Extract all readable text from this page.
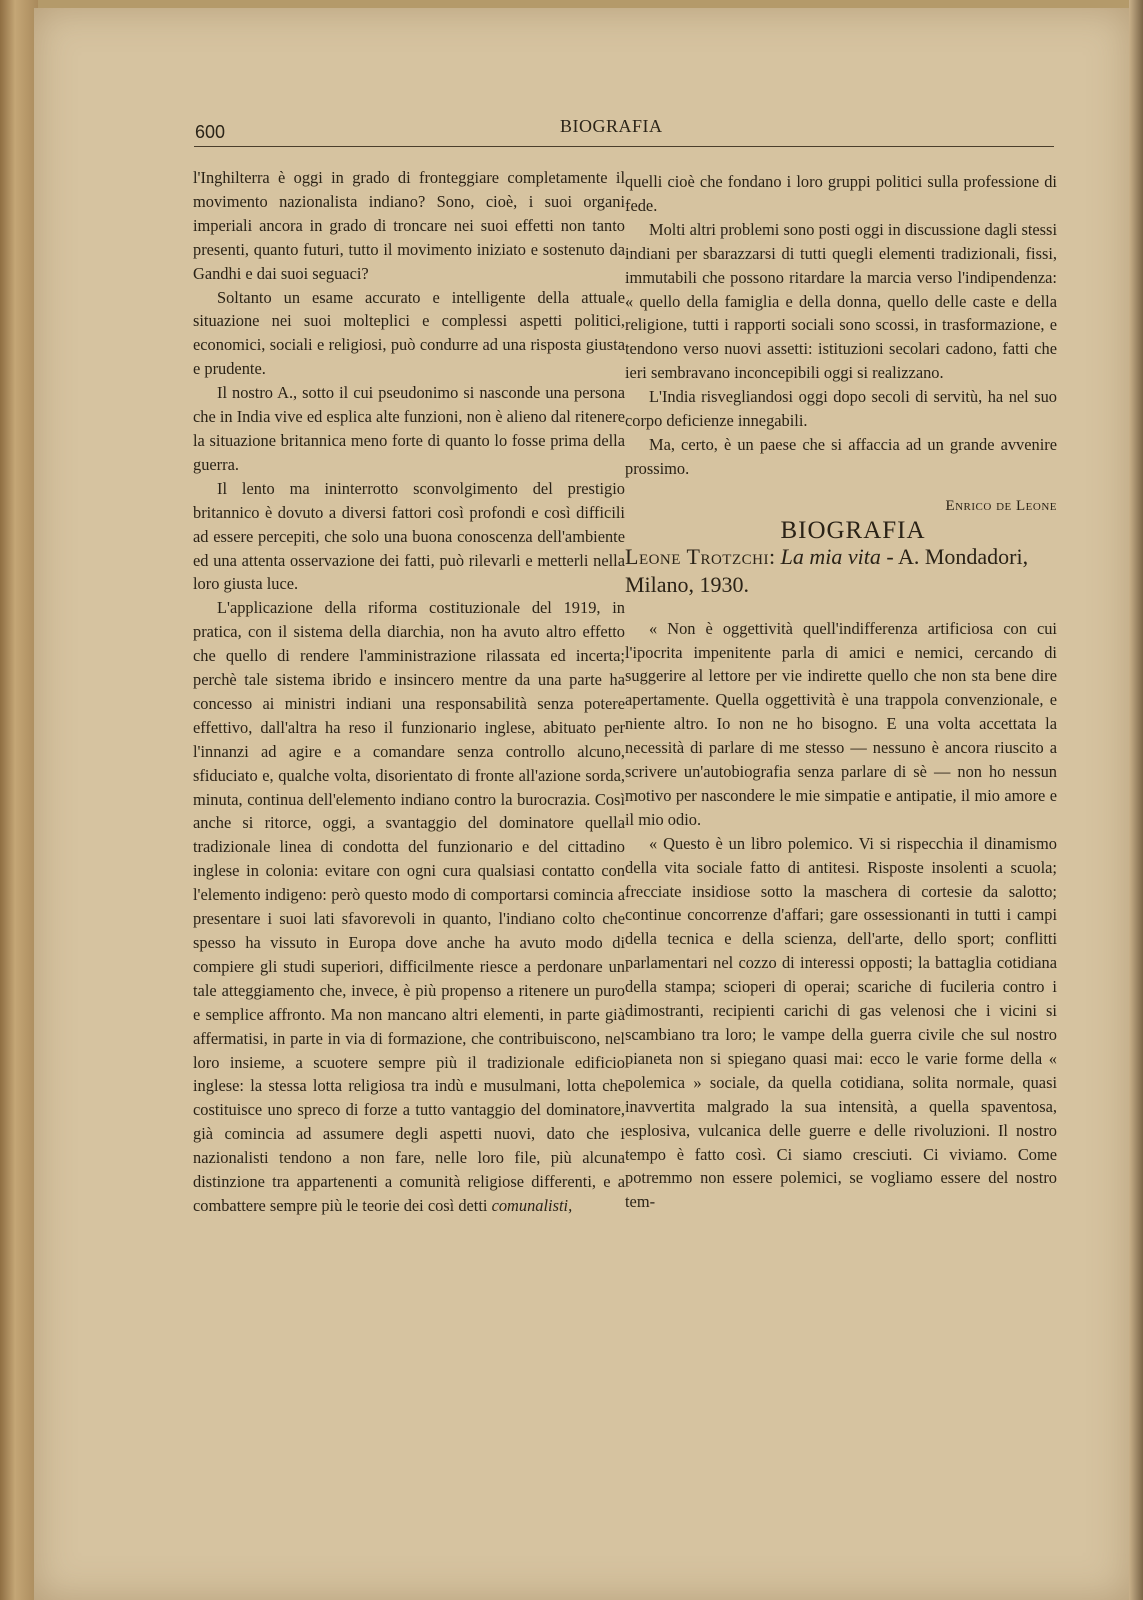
600	BIOGRAFIA

l'Inghilterra è oggi in grado di fronteggiare completamente il movimento nazionalista indiano? Sono, cioè, i suoi organi imperiali ancora in grado di troncare nei suoi effetti non tanto presenti, quanto futuri, tutto il movimento iniziato e sostenuto da Gandhi e dai suoi seguaci?

Soltanto un esame accurato e intelligente della attuale situazione nei suoi molteplici e complessi aspetti politici, economici, sociali e religiosi, può condurre ad una risposta giusta e prudente.

Il nostro A., sotto il cui pseudonimo si nasconde una persona che in India vive ed esplica alte funzioni, non è alieno dal ritenere la situazione britannica meno forte di quanto lo fosse prima della guerra.

Il lento ma ininterrotto sconvolgimento del prestigio britannico è dovuto a diversi fattori così profondi e così difficili ad essere percepiti, che solo una buona conoscenza dell'ambiente ed una attenta osservazione dei fatti, può rilevarli e metterli nella loro giusta luce.

L'applicazione della riforma costituzionale del 1919, in pratica, con il sistema della diarchia, non ha avuto altro effetto che quello di rendere l'amministrazione rilassata ed incerta; perchè tale sistema ibrido e insincero mentre da una parte ha concesso ai ministri indiani una responsabilità senza potere effettivo, dall'altra ha reso il funzionario inglese, abituato per l'innanzi ad agire e a comandare senza controllo alcuno, sfiduciato e, qualche volta, disorientato di fronte all'azione sorda, minuta, continua dell'elemento indiano contro la burocrazia. Così anche si ritorce, oggi, a svantaggio del dominatore quella tradizionale linea di condotta del funzionario e del cittadino inglese in colonia: evitare con ogni cura qualsiasi contatto con l'elemento indigeno: però questo modo di comportarsi comincia a presentare i suoi lati sfavorevoli in quanto, l'indiano colto che spesso ha vissuto in Europa dove anche ha avuto modo di compiere gli studi superiori, difficilmente riesce a perdonare un tale atteggiamento che, invece, è più propenso a ritenere un puro e semplice affronto. Ma non mancano altri elementi, in parte già affermatisi, in parte in via di formazione, che contribuiscono, nel loro insieme, a scuotere sempre più il tradizionale edificio inglese: la stessa lotta religiosa tra indù e musulmani, lotta che costituisce uno spreco di forze a tutto vantaggio del dominatore, già comincia ad assumere degli aspetti nuovi, dato che i nazionalisti tendono a non fare, nelle loro file, più alcuna distinzione tra appartenenti a comunità religiose differenti, e a combattere sempre più le teorie dei così detti comunalisti,

quelli cioè che fondano i loro gruppi politici sulla professione di fede.

Molti altri problemi sono posti oggi in discussione dagli stessi indiani per sbarazzarsi di tutti quegli elementi tradizionali, fissi, immutabili che possono ritardare la marcia verso l'indipendenza: « quello della famiglia e della donna, quello delle caste e della religione, tutti i rapporti sociali sono scossi, in trasformazione, e tendono verso nuovi assetti: istituzioni secolari cadono, fatti che ieri sembravano inconcepibili oggi si realizzano.

L'India risvegliandosi oggi dopo secoli di servitù, ha nel suo corpo deficienze innegabili.

Ma, certo, è un paese che si affaccia ad un grande avvenire prossimo.

Enrico de Leone

BIOGRAFIA

Leone Trotzchi: La mia vita - A. Mondadori, Milano, 1930.

« Non è oggettività quell'indifferenza artificiosa con cui l'ipocrita impenitente parla di amici e nemici, cercando di suggerire al lettore per vie indirette quello che non sta bene dire apertamente. Quella oggettività è una trappola convenzionale, e niente altro. Io non ne ho bisogno. E una volta accettata la necessità di parlare di me stesso — nessuno è ancora riuscito a scrivere un'autobiografia senza parlare di sè — non ho nessun motivo per nascondere le mie simpatie e antipatie, il mio amore e il mio odio.

« Questo è un libro polemico. Vi si rispecchia il dinamismo della vita sociale fatto di antitesi. Risposte insolenti a scuola; frecciate insidiose sotto la maschera di cortesie da salotto; continue concorrenze d'affari; gare ossessionanti in tutti i campi della tecnica e della scienza, dell'arte, dello sport; conflitti parlamentari nel cozzo di interessi opposti; la battaglia cotidiana della stampa; scioperi di operai; scariche di fucileria contro i dimostranti, recipienti carichi di gas velenosi che i vicini si scambiano tra loro; le vampe della guerra civile che sul nostro pianeta non si spiegano quasi mai: ecco le varie forme della « polemica » sociale, da quella cotidiana, solita normale, quasi inavvertita malgrado la sua intensità, a quella spaventosa, esplosiva, vulcanica delle guerre e delle rivoluzioni. Il nostro tempo è fatto così. Ci siamo cresciuti. Ci viviamo. Come potremmo non essere polemici, se vogliamo essere del nostro tem-
